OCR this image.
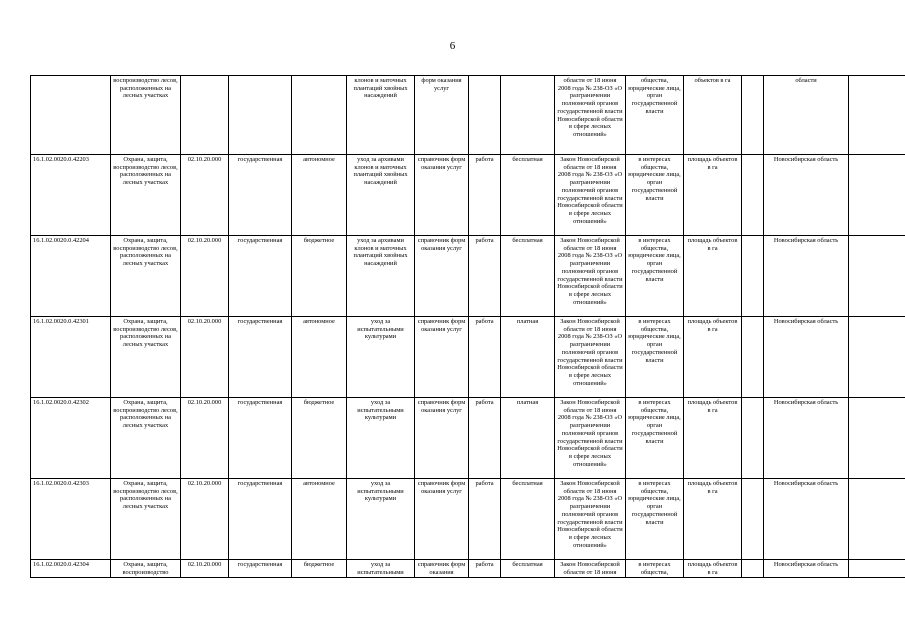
6
	воспроизводство лесов, расположенных на лесных участках				клонов и маточных плантаций хвойных насаждений	форм оказания услуг			области от 18 июня 2008 года № 238-ОЗ «О разграничении полномочий органов государственной власти Новосибирской области в сфере лесных отношений»	общества, юридические лица, орган государственной власти	объектов в га		области	
16.1.02.0020.0.42203	Охрана, защита, воспроизводство лесов, расположенных на лесных участках	02.10.20.000	государственная	автономное	уход за архивами клонов и маточных плантаций хвойных насаждений	справочник форм оказания услуг	работа	бесплатная	Закон Новосибирской области от 18 июня 2008 года № 238-ОЗ «О разграничении полномочий органов государственной власти Новосибирской области в сфере лесных отношений»	в интересах общества, юридические лица, орган государственной власти	площадь объектов в га		Новосибирская область	
16.1.02.0020.0.42204	Охрана, защита, воспроизводство лесов, расположенных на лесных участках	02.10.20.000	государственная	бюджетное	уход за архивами клонов и маточных плантаций хвойных насаждений	справочник форм оказания услуг	работа	бесплатная	Закон Новосибирской области от 18 июня 2008 года № 238-ОЗ «О разграничении полномочий органов государственной власти Новосибирской области в сфере лесных отношений»	в интересах общества, юридические лица, орган государственной власти	площадь объектов в га		Новосибирская область	
16.1.02.0020.0.42301	Охрана, защита, воспроизводство лесов, расположенных на лесных участках	02.10.20.000	государственная	автономное	уход за испытательными культурами	справочник форм оказания услуг	работа	платная	Закон Новосибирской области от 18 июня 2008 года № 238-ОЗ «О разграничении полномочий органов государственной власти Новосибирской области в сфере лесных отношений»	в интересах общества, юридические лица, орган государственной власти	площадь объектов в га		Новосибирская область	
16.1.02.0020.0.42302	Охрана, защита, воспроизводство лесов, расположенных на лесных участках	02.10.20.000	государственная	бюджетное	уход за испытательными культурами	справочник форм оказания услуг	работа	платная	Закон Новосибирской области от 18 июня 2008 года № 238-ОЗ «О разграничении полномочий органов государственной власти Новосибирской области в сфере лесных отношений»	в интересах общества, юридические лица, орган государственной власти	площадь объектов в га		Новосибирская область	
16.1.02.0020.0.42303	Охрана, защита, воспроизводство лесов, расположенных на лесных участках	02.10.20.000	государственная	автономное	уход за испытательными культурами	справочник форм оказания услуг	работа	бесплатная	Закон Новосибирской области от 18 июня 2008 года № 238-ОЗ «О разграничении полномочий органов государственной власти Новосибирской области в сфере лесных отношений»	в интересах общества, юридические лица, орган государственной власти	площадь объектов в га		Новосибирская область	
16.1.02.0020.0.42304	Охрана, защита, воспроизводство	02.10.20.000	государственная	бюджетное	уход за испытательными	справочник форм оказания	работа	бесплатная	Закон Новосибирской области от 18 июня	в интересах общества,	площадь объектов в га		Новосибирская область	
